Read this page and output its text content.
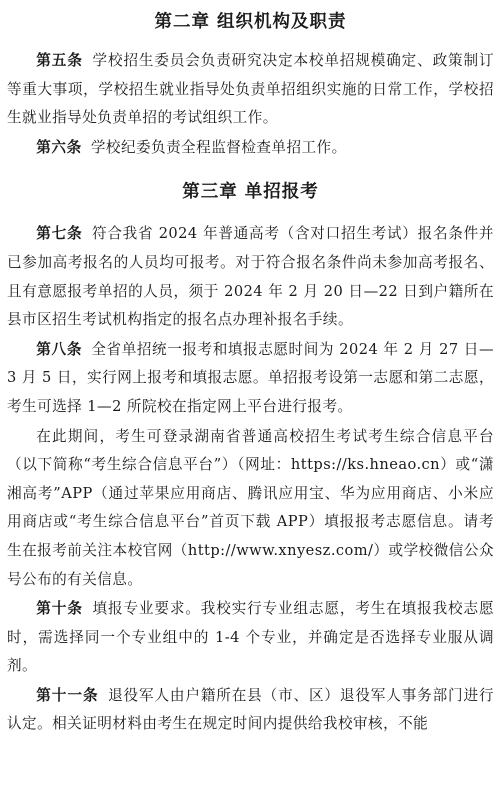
第二章 组织机构及职责

第五条 学校招生委员会负责研究决定本校单招规模确定、政策制订等重大事项，学校招生就业指导处负责单招组织实施的日常工作，学校招生就业指导处负责单招的考试组织工作。

第六条 学校纪委负责全程监督检查单招工作。

第三章 单招报考

第七条 符合我省 2024 年普通高考（含对口招生考试）报名条件并已参加高考报名的人员均可报考。对于符合报名条件尚未参加高考报名、且有意愿报考单招的人员，须于 2024 年 2 月 20 日—22 日到户籍所在县市区招生考试机构指定的报名点办理补报名手续。

第八条 全省单招统一报考和填报志愿时间为 2024 年 2 月 27 日—3 月 5 日，实行网上报考和填报志愿。单招报考设第一志愿和第二志愿，考生可选择 1—2 所院校在指定网上平台进行报考。

在此期间，考生可登录湖南省普通高校招生考试考生综合信息平台（以下简称“考生综合信息平台”）（网址：https://ks.hneao.cn）或“潇湘高考”APP（通过苹果应用商店、腾讯应用宝、华为应用商店、小米应用商店或“考生综合信息平台”首页下载 APP）填报报考志愿信息。请考生在报考前关注本校官网（http://www.xnyesz.com/）或学校微信公众号公布的有关信息。

第十条 填报专业要求。我校实行专业组志愿，考生在填报我校志愿时，需选择同一个专业组中的 1-4 个专业，并确定是否选择专业服从调剂。

第十一条 退役军人由户籍所在县（市、区）退役军人事务部门进行认定。相关证明材料由考生在规定时间内提供给我校审核，不能
